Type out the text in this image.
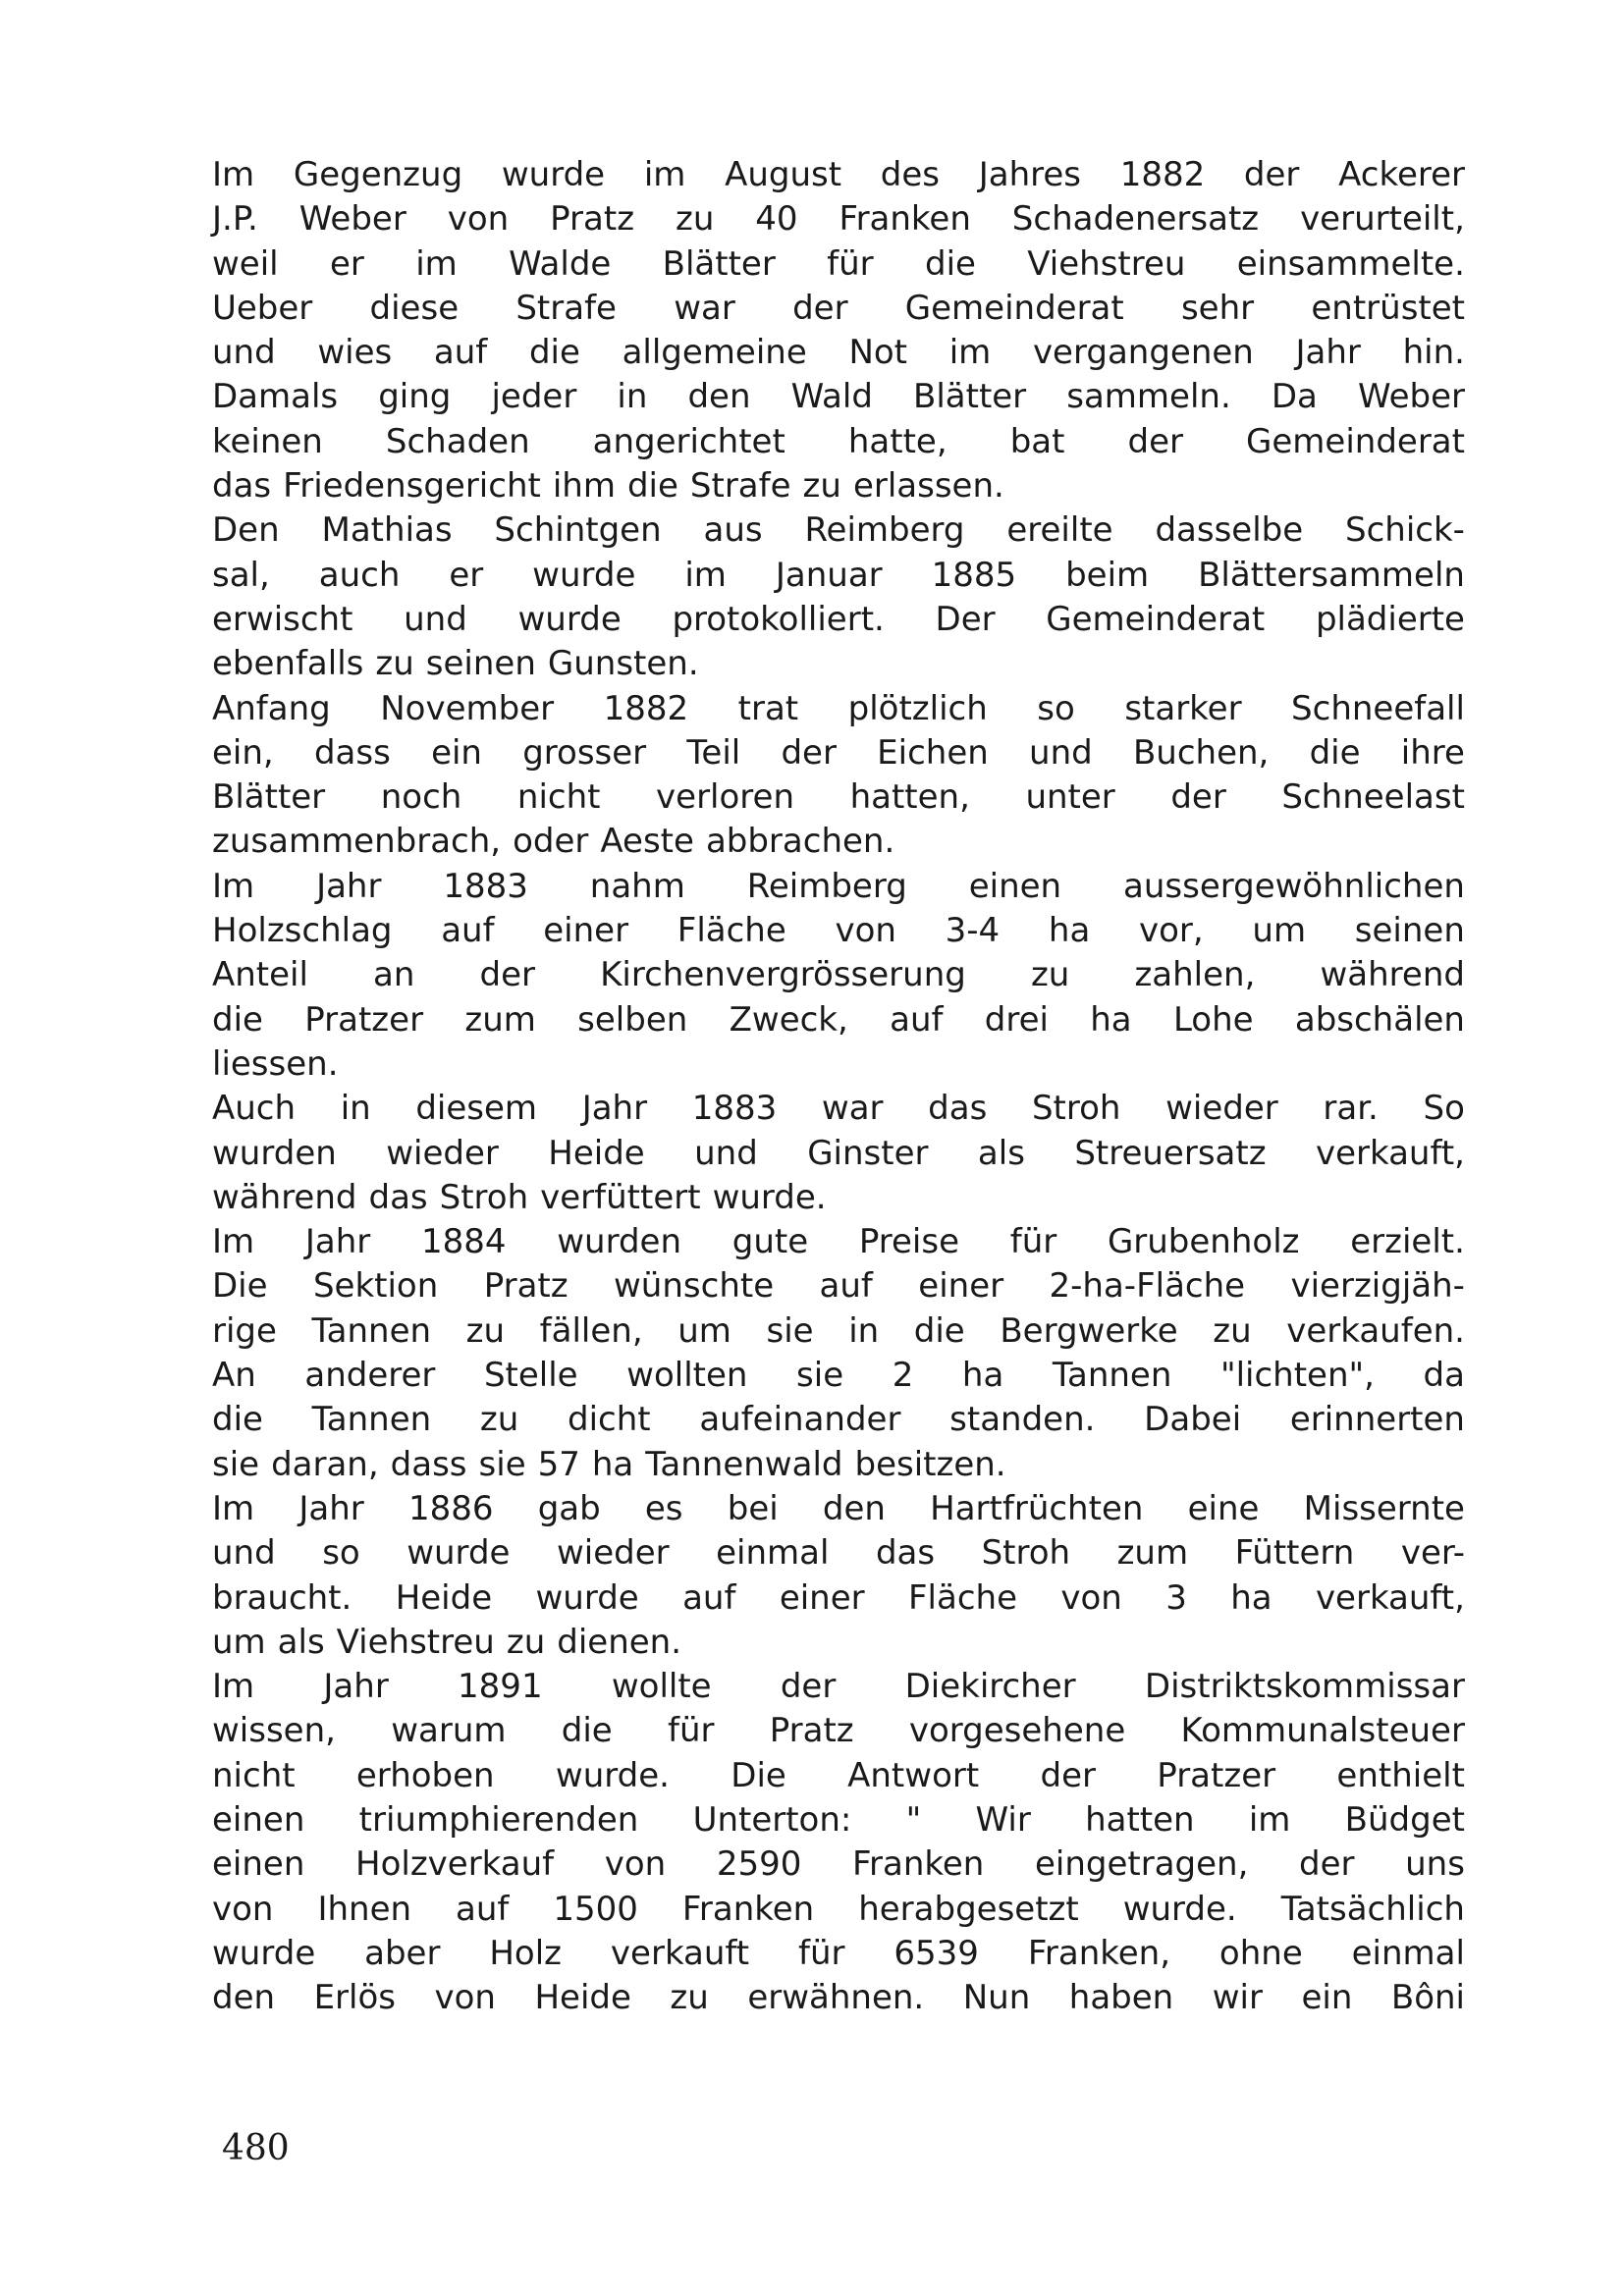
Im Gegenzug wurde im August des Jahres 1882 der Ackerer
J.P. Weber von Pratz zu 40 Franken Schadenersatz verurteilt,
weil er im Walde Blätter für die Viehstreu einsammelte.
Ueber diese Strafe war der Gemeinderat sehr entrüstet
und wies auf die allgemeine Not im vergangenen Jahr hin.
Damals ging jeder in den Wald Blätter sammeln. Da Weber
keinen Schaden angerichtet hatte, bat der Gemeinderat
das Friedensgericht ihm die Strafe zu erlassen.
Den Mathias Schintgen aus Reimberg ereilte dasselbe Schick-
sal, auch er wurde im Januar 1885 beim Blättersammeln
erwischt und wurde protokolliert. Der Gemeinderat plädierte
ebenfalls zu seinen Gunsten.
Anfang November 1882 trat plötzlich so starker Schneefall
ein, dass ein grosser Teil der Eichen und Buchen, die ihre
Blätter noch nicht verloren hatten, unter der Schneelast
zusammenbrach, oder Aeste abbrachen.
Im Jahr 1883 nahm Reimberg einen aussergewöhnlichen
Holzschlag auf einer Fläche von 3-4 ha vor, um seinen
Anteil an der Kirchenvergrösserung zu zahlen, während
die Pratzer zum selben Zweck, auf drei ha Lohe abschälen
liessen.
Auch in diesem Jahr 1883 war das Stroh wieder rar. So
wurden wieder Heide und Ginster als Streuersatz verkauft,
während das Stroh verfüttert wurde.
Im Jahr 1884 wurden gute Preise für Grubenholz erzielt.
Die Sektion Pratz wünschte auf einer 2-ha-Fläche vierzigjäh-
rige Tannen zu fällen, um sie in die Bergwerke zu verkaufen.
An anderer Stelle wollten sie 2 ha Tannen "lichten", da
die Tannen zu dicht aufeinander standen. Dabei erinnerten
sie daran, dass sie 57 ha Tannenwald besitzen.
Im Jahr 1886 gab es bei den Hartfrüchten eine Missernte
und so wurde wieder einmal das Stroh zum Füttern ver-
braucht. Heide wurde auf einer Fläche von 3 ha verkauft,
um als Viehstreu zu dienen.
Im Jahr 1891 wollte der Diekircher Distriktskommissar
wissen, warum die für Pratz vorgesehene Kommunalsteuer
nicht erhoben wurde. Die Antwort der Pratzer enthielt
einen triumphierenden Unterton: " Wir hatten im Büdget
einen Holzverkauf von 2590 Franken eingetragen, der uns
von Ihnen auf 1500 Franken herabgesetzt wurde. Tatsächlich
wurde aber Holz verkauft für 6539 Franken, ohne einmal
den Erlös von Heide zu erwähnen. Nun haben wir ein Bôni
480
